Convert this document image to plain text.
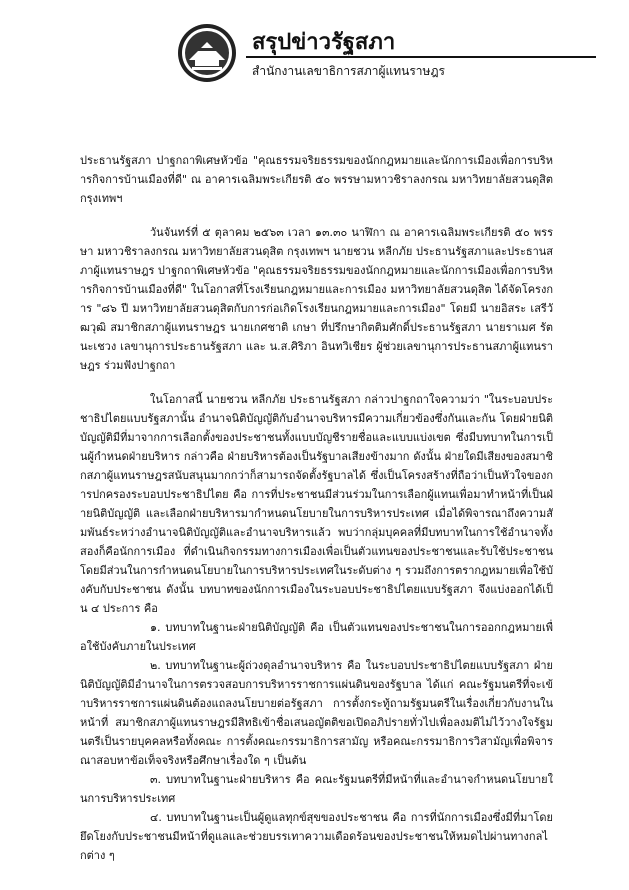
สรุปข่าวรัฐสภา
สำนักงานเลขาธิการสภาผู้แทนราษฎร

ประธานรัฐสภา ปาฐกถาพิเศษหัวข้อ "คุณธรรมจริยธรรมของนักกฎหมายและนักการเมืองเพื่อการบริหารกิจการบ้านเมืองที่ดี" ณ อาคารเฉลิมพระเกียรติ ๕๐ พรรษามหาวชิราลงกรณ มหาวิทยาลัยสวนดุสิต กรุงเทพฯ

วันจันทร์ที่ ๕ ตุลาคม ๒๕๖๓ เวลา ๑๓.๓๐ นาฬิกา ณ อาคารเฉลิมพระเกียรติ ๕๐ พรรษา มหาวชิราลงกรณ มหาวิทยาลัยสวนดุสิต กรุงเทพฯ นายชวน หลีกภัย ประธานรัฐสภาและประธานสภาผู้แทนราษฎร ปาฐกถาพิเศษหัวข้อ "คุณธรรมจริยธรรมของนักกฎหมายและนักการเมืองเพื่อการบริหารกิจการบ้านเมืองที่ดี" ในโอกาสที่โรงเรียนกฎหมายและการเมือง มหาวิทยาลัยสวนดุสิต ได้จัดโครงการ "๘๖ ปี มหาวิทยาลัยสวนดุสิตกับการก่อเกิดโรงเรียนกฎหมายและการเมือง" โดยมี นายอิสระ เสรีวัฒวุฒิ สมาชิกสภาผู้แทนราษฎร นายเกศชาติ เกษา ที่ปรึกษากิตติมศักดิ์ประธานรัฐสภา นายราเมศ รัตนะเชวง เลขานุการประธานรัฐสภา และ น.ส.ศิริภา อินทวิเชียร ผู้ช่วยเลขานุการประธานสภาผู้แทนราษฎร ร่วมฟังปาฐกถา

ในโอกาสนี้ นายชวน หลีกภัย ประธานรัฐสภา กล่าวปาฐกถาใจความว่า "ในระบอบประชาธิปไตยแบบรัฐสภานั้น อำนาจนิติบัญญัติกับอำนาจบริหารมีความเกี่ยวข้องซึ่งกันและกัน โดยฝ่ายนิติบัญญัติมีที่มาจากการเลือกตั้งของประชาชนทั้งแบบบัญชีรายชื่อและแบบแบ่งเขต ซึ่งมีบทบาทในการเป็นผู้กำหนดฝ่ายบริหาร กล่าวคือ ฝ่ายบริหารต้องเป็นรัฐบาลเสียงข้างมาก ดังนั้น ฝ่ายใดมีเสียงของสมาชิกสภาผู้แทนราษฎรสนับสนุนมากกว่าก็สามารถจัดตั้งรัฐบาลได้ ซึ่งเป็นโครงสร้างที่ถือว่าเป็นหัวใจของการปกครองระบอบประชาธิปไตย คือ การที่ประชาชนมีส่วนร่วมในการเลือกผู้แทนเพื่อมาทำหน้าที่เป็นฝ่ายนิติบัญญัติ และเลือกฝ่ายบริหารมากำหนดนโยบายในการบริหารประเทศ เมื่อได้พิจารณาถึงความสัมพันธ์ระหว่างอำนาจนิติบัญญัติและอำนาจบริหารแล้ว พบว่ากลุ่มบุคคลที่มีบทบาทในการใช้อำนาจทั้งสองก็คือนักการเมือง ที่ดำเนินกิจกรรมทางการเมืองเพื่อเป็นตัวแทนของประชาชนและรับใช้ประชาชน โดยมีส่วนในการกำหนดนโยบายในการบริหารประเทศในระดับต่าง ๆ รวมถึงการตรากฎหมายเพื่อใช้บังคับกับประชาชน ดังนั้น บทบาทของนักการเมืองในระบอบประชาธิปไตยแบบรัฐสภา จึงแบ่งออกได้เป็น ๔ ประการ คือ

๑. บทบาทในฐานะฝ่ายนิติบัญญัติ คือ เป็นตัวแทนของประชาชนในการออกกฎหมายเพื่อใช้บังคับภายในประเทศ

๒. บทบาทในฐานะผู้ถ่วงดุลอำนาจบริหาร คือ ในระบอบประชาธิปไตยแบบรัฐสภา ฝ่ายนิติบัญญัติมีอำนาจในการตรวจสอบการบริหารราชการแผ่นดินของรัฐบาล ได้แก่ คณะรัฐมนตรีที่จะเข้าบริหารราชการแผ่นดินต้องแถลงนโยบายต่อรัฐสภา การตั้งกระทู้ถามรัฐมนตรีในเรื่องเกี่ยวกับงานในหน้าที่ สมาชิกสภาผู้แทนราษฎรมีสิทธิเข้าชื่อเสนอญัตติขอเปิดอภิปรายทั่วไปเพื่อลงมติไม่ไว้วางใจรัฐมนตรีเป็นรายบุคคลหรือทั้งคณะ การตั้งคณะกรรมาธิการสามัญ หรือคณะกรรมาธิการวิสามัญเพื่อพิจารณาสอบหาข้อเท็จจริงหรือศึกษาเรื่องใด ๆ เป็นต้น

๓. บทบาทในฐานะฝ่ายบริหาร คือ คณะรัฐมนตรีที่มีหน้าที่และอำนาจกำหนดนโยบายในการบริหารประเทศ

๔. บทบาทในฐานะเป็นผู้ดูแลทุกข์สุขของประชาชน คือ การที่นักการเมืองซึ่งมีที่มาโดยยึดโยงกับประชาชนมีหน้าที่ดูแลและช่วยบรรเทาความเดือดร้อนของประชาชนให้หมดไปผ่านทางกลไกต่าง ๆ
